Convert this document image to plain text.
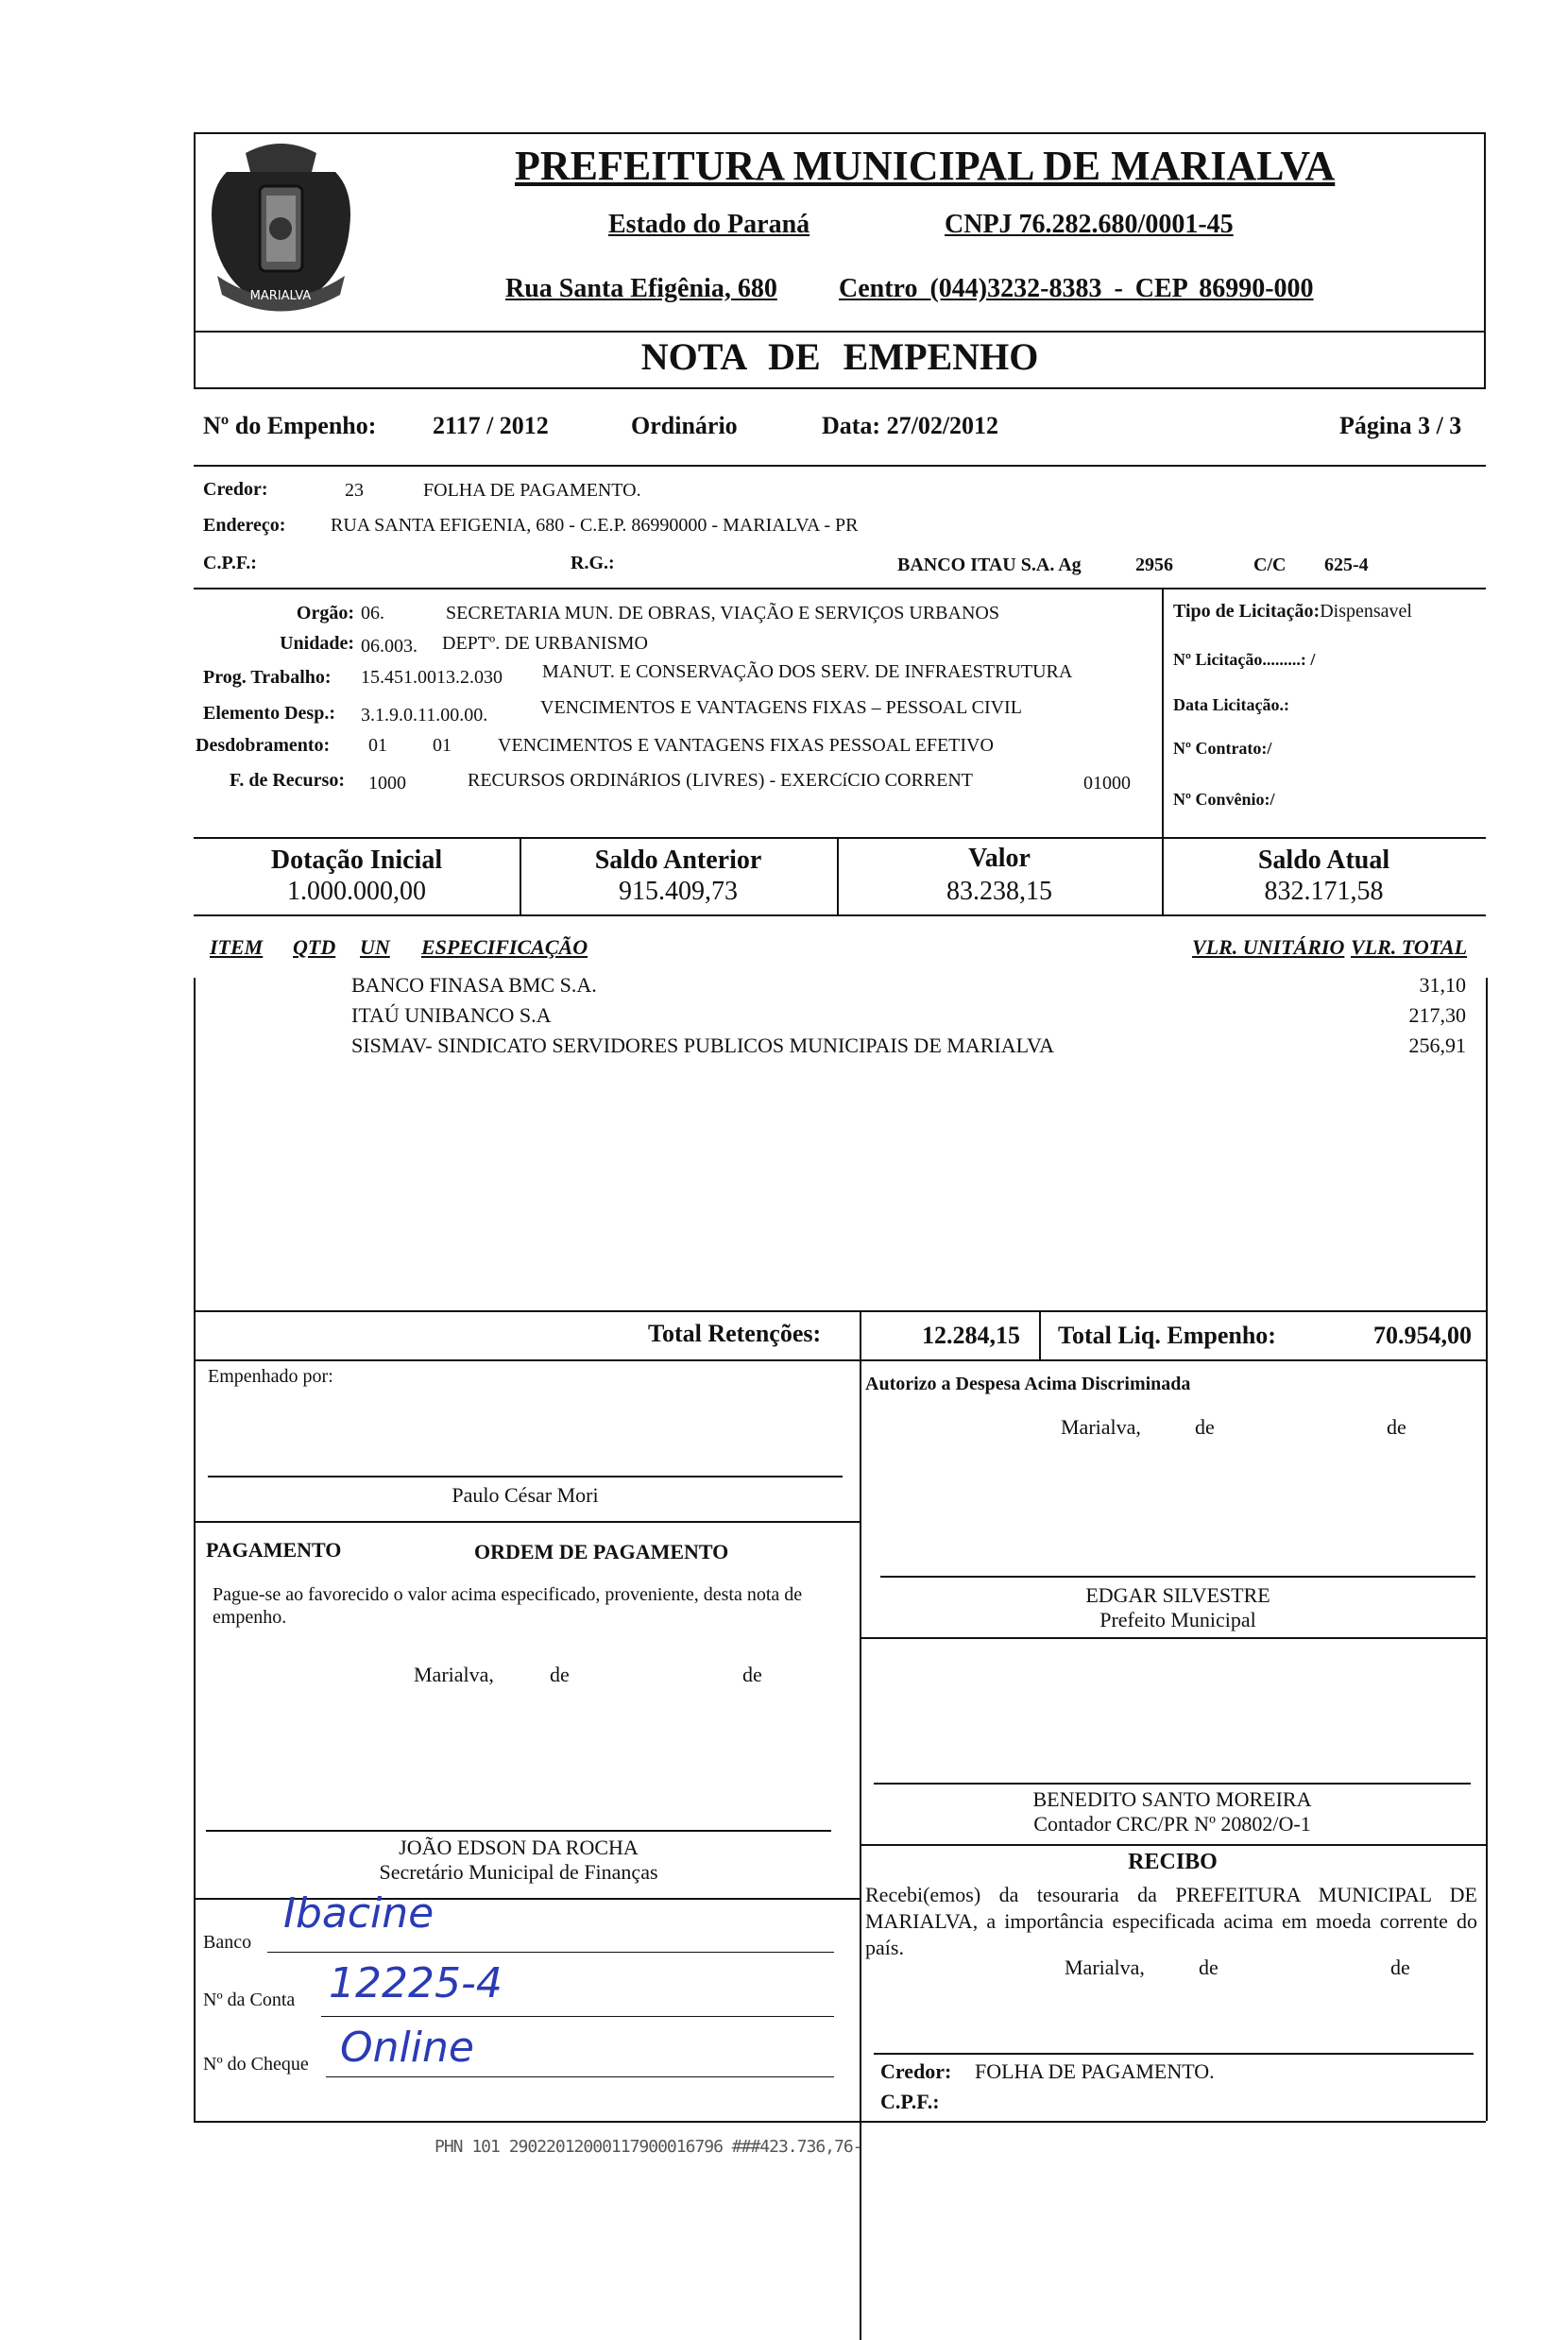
MARIALVA
PREFEITURA MUNICIPAL DE MARIALVA
Estado do Paraná	CNPJ 76.282.680/0001-45
Rua Santa Efigênia, 680 Centro (044)3232-8383 - CEP 86990-000
NOTA DE EMPENHO
Nº do Empenho: 2117 / 2012	Ordinário	Data: 27/02/2012	Página 3 / 3
Credor:	23	FOLHA DE PAGAMENTO.
Endereço: RUA SANTA EFIGENIA, 680 - C.E.P. 86990000 - MARIALVA - PR
C.P.F.:	R.G.:	BANCO ITAU S.A. Ag	2956	C/C 625-4
Orgão: 06.	SECRETARIA MUN. DE OBRAS, VIAÇÃO E SERVIÇOS URBANOS
Unidade: 06.003. DEPTº. DE URBANISMO
Prog. Trabalho: 15.451.0013.2.030 MANUT. E CONSERVAÇÃO DOS SERV. DE INFRAESTRUTURA
Elemento Desp.: 3.1.9.0.11.00.00.	VENCIMENTOS E VANTAGENS FIXAS – PESSOAL CIVIL
Desdobramento: 01 01 VENCIMENTOS E VANTAGENS FIXAS PESSOAL EFETIVO
F. de Recurso: 1000	RECURSOS ORDINáRIOS (LIVRES) - EXERCíCIO CORRENT	01000
Tipo de Licitação:Dispensavel
Nº Licitação.........: /
Data Licitação.:
Nº Contrato:/
Nº Convênio:/
Dotação Inicial
1.000.000,00
Saldo Anterior
915.409,73
Valor
83.238,15
Saldo Atual
832.171,58
ITEM QTD UN ESPECIFICAÇÃO	VLR. UNITÁRIO VLR. TOTAL
BANCO FINASA BMC S.A.	31,10
ITAÚ UNIBANCO S.A	217,30
SISMAV- SINDICATO SERVIDORES PUBLICOS MUNICIPAIS DE MARIALVA	256,91
Total Retenções:	12.284,15 Total Liq. Empenho:	70.954,00
Empenhado por:
Paulo César Mori
Autorizo a Despesa Acima Discriminada
Marialva,	de	de
EDGAR SILVESTRE
Prefeito Municipal
PAGAMENTO	ORDEM DE PAGAMENTO
Pague-se ao favorecido o valor acima especificado, proveniente, desta nota de empenho.
Marialva,	de	de
BENEDITO SANTO MOREIRA
Contador CRC/PR Nº 20802/O-1
JOÃO EDSON DA ROCHA
Secretário Municipal de Finanças	RECIBO
Recebi(emos) da tesouraria da PREFEITURA MUNICIPAL DE MARIALVA, a importância especificada acima em moeda corrente do país.
Marialva,	de	de
Credor: FOLHA DE PAGAMENTO.
C.P.F.:
Banco
Ibacine
Nº da Conta 12225-4
Nº do Cheque Online
PHN 101 29022012000117900016796 ###423.736,76-
